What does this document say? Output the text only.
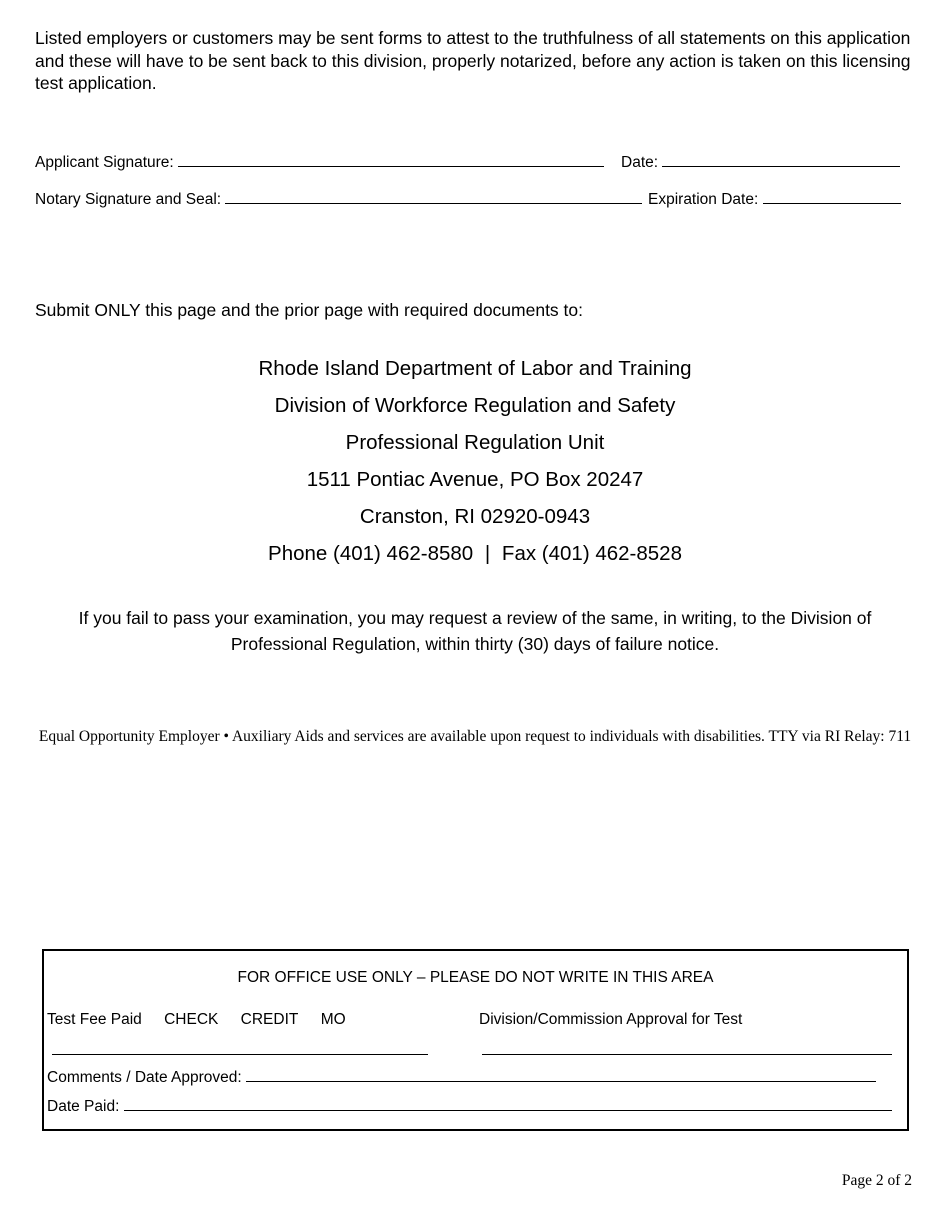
Listed employers or customers may be sent forms to attest to the truthfulness of all statements on this application and these will have to be sent back to this division, properly notarized, before any action is taken on this licensing test application.
Applicant Signature:	Date:
Notary Signature and Seal:	Expiration Date:
Submit ONLY this page and the prior page with required documents to:
Rhode Island Department of Labor and Training
Division of Workforce Regulation and Safety
Professional Regulation Unit
1511 Pontiac Avenue, PO Box 20247
Cranston, RI 02920-0943
Phone (401) 462-8580 | Fax (401) 462-8528
If you fail to pass your examination, you may request a review of the same, in writing, to the Division of Professional Regulation, within thirty (30) days of failure notice.
Equal Opportunity Employer • Auxiliary Aids and services are available upon request to individuals with disabilities. TTY via RI Relay: 711
FOR OFFICE USE ONLY – PLEASE DO NOT WRITE IN THIS AREA
Test Fee Paid CHECK CREDIT MO	Division/Commission Approval for Test
Comments / Date Approved:
Date Paid:
Page 2 of 2
